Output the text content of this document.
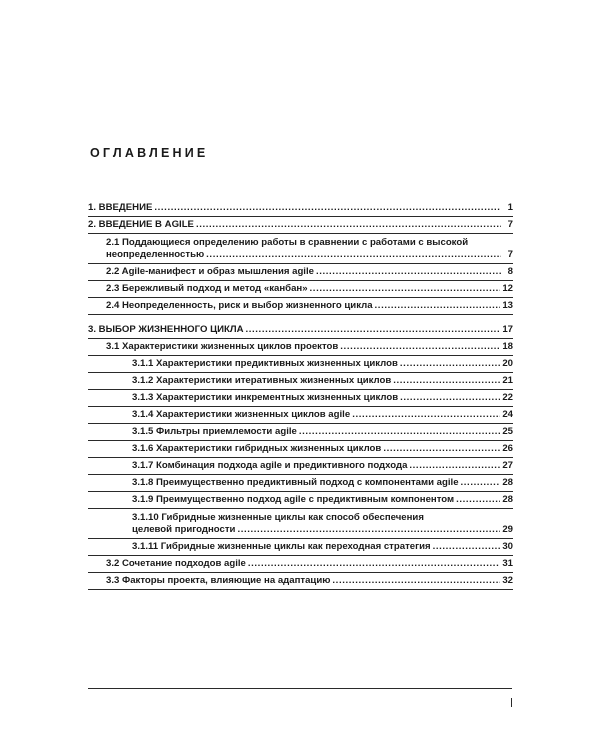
ОГЛАВЛЕНИЕ
1. ВВЕДЕНИЕ .....	1
2. ВВЕДЕНИЕ В AGILE .....	7
2.1 Поддающиеся определению работы в сравнении с работами с высокой
неопределенностью .....	7
2.2 Agile-манифест и образ мышления agile .....	8
2.3 Бережливый подход и метод «канбан» .....	12
2.4 Неопределенность, риск и выбор жизненного цикла .....	13
3. ВЫБОР ЖИЗНЕННОГО ЦИКЛА .....	17
3.1 Характеристики жизненных циклов проектов .....	18
3.1.1 Характеристики предиктивных жизненных циклов .....	20
3.1.2 Характеристики итеративных жизненных циклов .....	21
3.1.3 Характеристики инкрементных жизненных циклов .....	22
3.1.4 Характеристики жизненных циклов agile .....	24
3.1.5 Фильтры приемлемости agile .....	25
3.1.6 Характеристики гибридных жизненных циклов .....	26
3.1.7 Комбинация подхода agile и предиктивного подхода .....	27
3.1.8 Преимущественно предиктивный подход с компонентами agile .....	28
3.1.9 Преимущественно подход agile с предиктивным компонентом .....	28
3.1.10 Гибридные жизненные циклы как способ обеспечения
целевой пригодности .....	29
3.1.11 Гибридные жизненные циклы как переходная стратегия .....	30
3.2 Сочетание подходов agile .....	31
3.3 Факторы проекта, влияющие на адаптацию .....	32
